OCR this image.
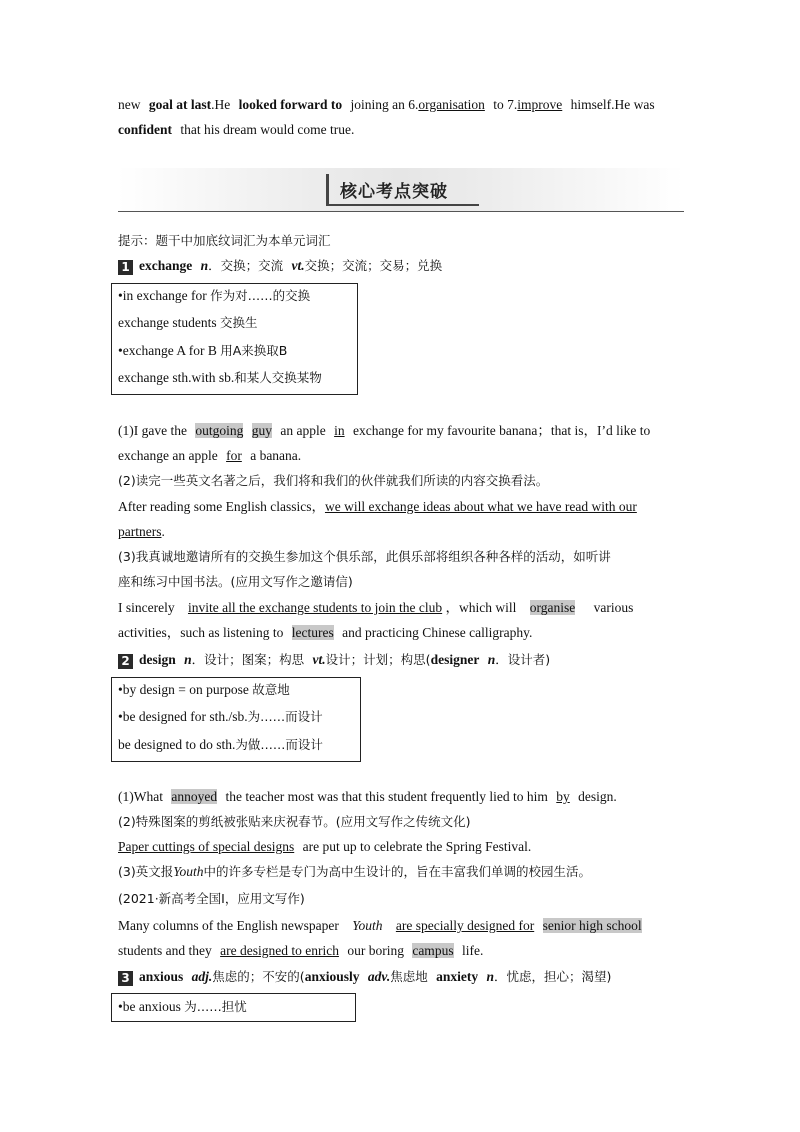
new goal at last.He looked forward to joining an 6.organisation to 7.improve himself.He was
confident that his dream would come true.
核心考点突破
提示：题干中加底纹词汇为本单元词汇
1 exchange n．交换；交流 vt.交换；交流；交易；兑换
•in exchange for 作为对……的交换
exchange students 交换生
•exchange A for B 用A来换取B
exchange sth.with sb.和某人交换某物
(1)I gave the outgoing guy an apple in exchange for my favourite banana；that is，I’d like to
exchange an apple for a banana.
(2)读完一些英文名著之后，我们将和我们的伙伴就我们所读的内容交换看法。
After reading some English classics，we will exchange ideas about what we have read with our
partners.
(3)我真诚地邀请所有的交换生参加这个俱乐部，此俱乐部将组织各种各样的活动，如听讲
座和练习中国书法。(应用文写作之邀请信)
I sincerely invite all the exchange students to join the club ，which will organise various
activities，such as listening to lectures and practicing Chinese calligraphy.
2 design n．设计；图案；构思 vt.设计；计划；构思(designer n．设计者)
•by design = on purpose 故意地
•be designed for sth./sb.为……而设计
be designed to do sth.为做……而设计
(1)What annoyed the teacher most was that this student frequently lied to him by design.
(2)特殊图案的剪纸被张贴来庆祝春节。(应用文写作之传统文化)
Paper cuttings of special designs are put up to celebrate the Spring Festival.
(3)英文报Youth中的许多专栏是专门为高中生设计的，旨在丰富我们单调的校园生活。
(2021·新高考全国Ⅰ，应用文写作)
Many columns of the English newspaper Youth are specially designed for senior high school
students and they are designed to enrich our boring campus life.
3 anxious adj.焦虑的；不安的(anxiously adv.焦虑地 anxiety n．忧虑，担心；渴望)
•be anxious 为……担忧
